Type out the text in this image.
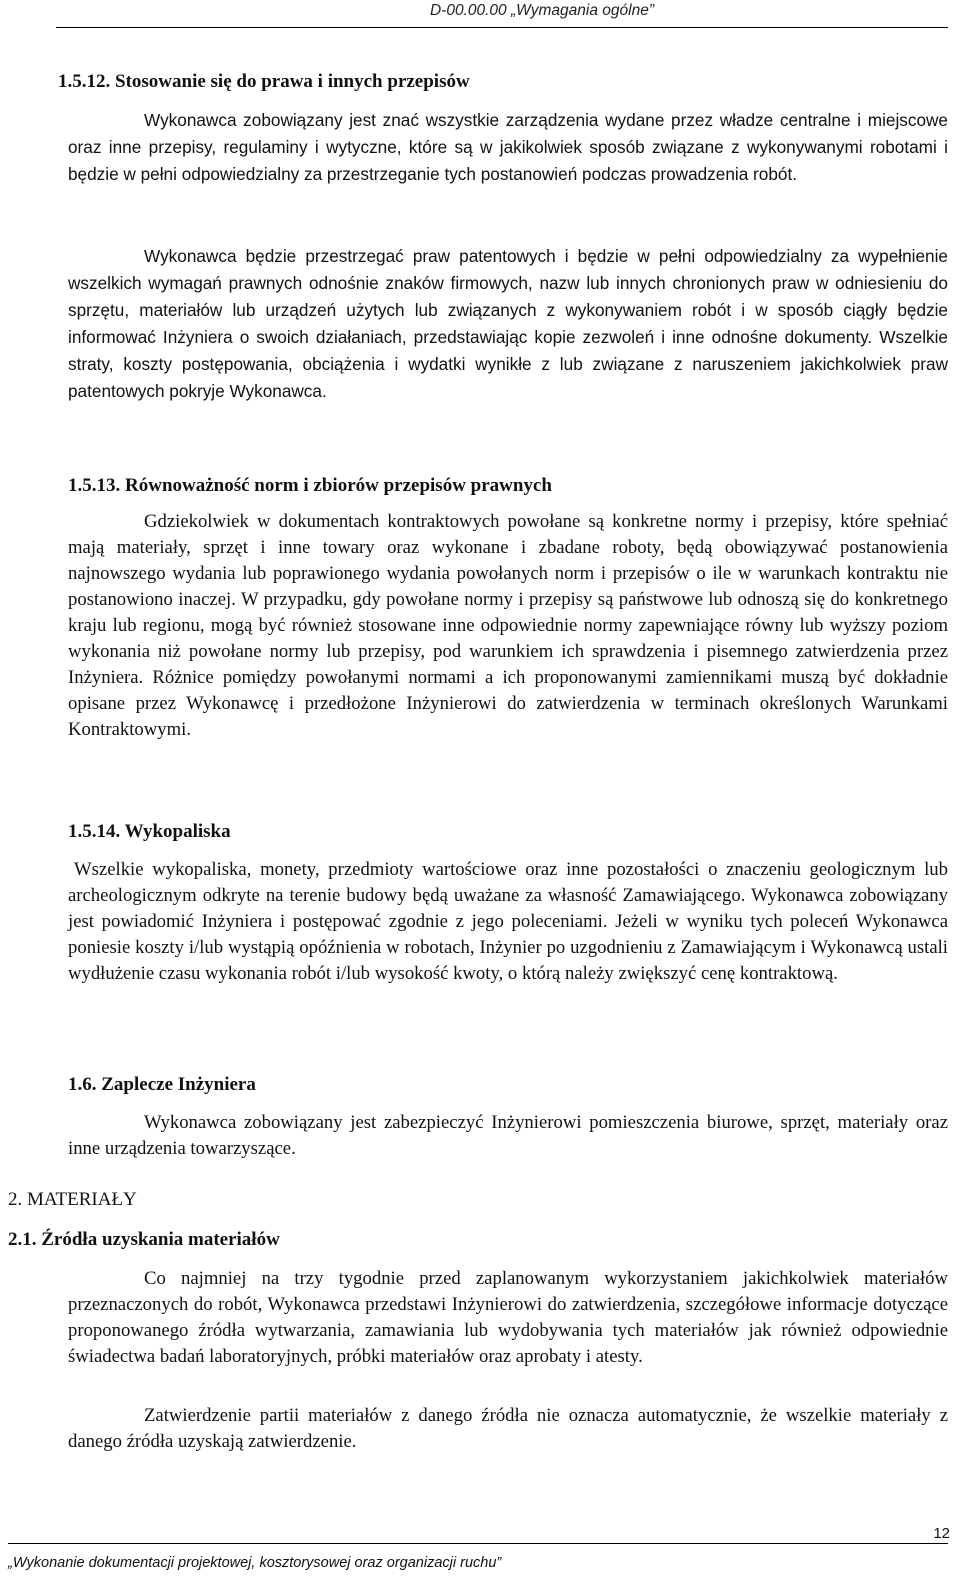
D-00.00.00 „Wymagania ogólne”
1.5.12. Stosowanie się do prawa i innych przepisów

Wykonawca zobowiązany jest znać wszystkie zarządzenia wydane przez władze centralne i miejscowe oraz inne przepisy, regulaminy i wytyczne, które są w jakikolwiek sposób związane z wykonywanymi robotami i będzie w pełni odpowiedzialny za przestrzeganie tych postanowień podczas prowadzenia robót.

Wykonawca będzie przestrzegać praw patentowych i będzie w pełni odpowiedzialny za wypełnienie wszelkich wymagań prawnych odnośnie znaków firmowych, nazw lub innych chronionych praw w odniesieniu do sprzętu, materiałów lub urządzeń użytych lub związanych z wykonywaniem robót i w sposób ciągły będzie informować Inżyniera o swoich działaniach, przedstawiając kopie zezwoleń i inne odnośne dokumenty. Wszelkie straty, koszty postępowania, obciążenia i wydatki wynikłe z lub związane z naruszeniem jakichkolwiek praw patentowych pokryje Wykonawca.

1.5.13. Równoważność norm i zbiorów przepisów prawnych

Gdziekolwiek w dokumentach kontraktowych powołane są konkretne normy i przepisy, które spełniać mają materiały, sprzęt i inne towary oraz wykonane i zbadane roboty, będą obowiązywać postanowienia najnowszego wydania lub poprawionego wydania powołanych norm i przepisów o ile w warunkach kontraktu nie postanowiono inaczej. W przypadku, gdy powołane normy i przepisy są państwowe lub odnoszą się do konkretnego kraju lub regionu, mogą być również stosowane inne odpowiednie normy zapewniające równy lub wyższy poziom wykonania niż powołane normy lub przepisy, pod warunkiem ich sprawdzenia i pisemnego zatwierdzenia przez Inżyniera. Różnice pomiędzy powołanymi normami a ich proponowanymi zamiennikami muszą być dokładnie opisane przez Wykonawcę i przedłożone Inżynierowi do zatwierdzenia w terminach określonych Warunkami Kontraktowymi.

1.5.14. Wykopaliska

Wszelkie wykopaliska, monety, przedmioty wartościowe oraz inne pozostałości o znaczeniu geologicznym lub archeologicznym odkryte na terenie budowy będą uważane za własność Zamawiającego. Wykonawca zobowiązany jest powiadomić Inżyniera i postępować zgodnie z jego poleceniami. Jeżeli w wyniku tych poleceń Wykonawca poniesie koszty i/lub wystąpią opóźnienia w robotach, Inżynier po uzgodnieniu z Zamawiającym i Wykonawcą ustali wydłużenie czasu wykonania robót i/lub wysokość kwoty, o którą należy zwiększyć cenę kontraktową.

1.6. Zaplecze Inżyniera

Wykonawca zobowiązany jest zabezpieczyć Inżynierowi pomieszczenia biurowe, sprzęt, materiały oraz inne urządzenia towarzyszące.

2. MATERIAŁY
2.1. Źródła uzyskania materiałów

Co najmniej na trzy tygodnie przed zaplanowanym wykorzystaniem jakichkolwiek materiałów przeznaczonych do robót, Wykonawca przedstawi Inżynierowi do zatwierdzenia, szczegółowe informacje dotyczące proponowanego źródła wytwarzania, zamawiania lub wydobywania tych materiałów jak również odpowiednie świadectwa badań laboratoryjnych, próbki materiałów oraz aprobaty i atesty.

Zatwierdzenie partii materiałów z danego źródła nie oznacza automatycznie, że wszelkie materiały z danego źródła uzyskają zatwierdzenie.

12
„Wykonanie dokumentacji projektowej, kosztorysowej oraz organizacji ruchu”
